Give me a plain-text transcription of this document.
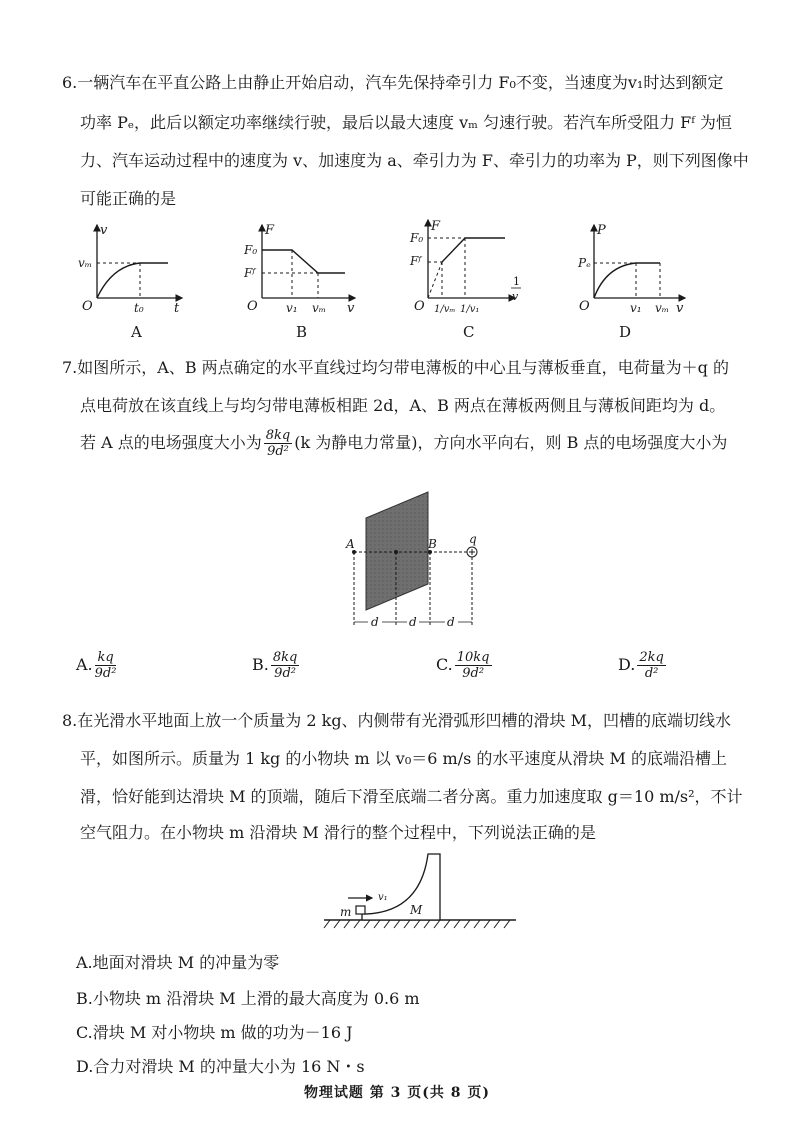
6.一辆汽车在平直公路上由静止开始启动，汽车先保持牵引力 F₀不变，当速度为v₁时达到额定
功率 Pₑ，此后以额定功率继续行驶，最后以最大速度 vₘ 匀速行驶。若汽车所受阻力 Fᶠ 为恒
力、汽车运动过程中的速度为 v、加速度为 a、牵引力为 F、牵引力的功率为 P，则下列图像中
可能正确的是
v
t
O
vₘ
t₀
A
F
v
O
F₀
Fᶠ
v₁ vₘ
B
F
1
v
O
F₀
Fᶠ
1/vₘ 1/v₁
C
P
v
O
Pₑ
v₁ vₘ
D
7.如图所示，A、B 两点确定的水平直线过均匀带电薄板的中心且与薄板垂直，电荷量为＋q 的
点电荷放在该直线上与均匀带电薄板相距 2d，A、B 两点在薄板两侧且与薄板间距均为 d。
若 A 点的电场强度大小为 $\frac{8kq}{\text{9d²}} (k$ 为静电力常量)，方向水平向右，则 B 点的电场强度大小为
A	B	q
d	d	d
A. $\frac{kq}{\text{9d²}}$	B. $\frac{8kq}{\text{9d²}}$	C. $\frac{10kq}{\text{9d²}}$	D. $\frac{2kq}{\text{d²}}$
8.在光滑水平地面上放一个质量为 2 kg、内侧带有光滑弧形凹槽的滑块 M，凹槽的底端切线水
平，如图所示。质量为 1 kg 的小物块 m 以 v₀＝6 m/s 的水平速度从滑块 M 的底端沿槽上
滑，恰好能到达滑块 M 的顶端，随后下滑至底端二者分离。重力加速度取 g＝10 m/s²，不计
空气阻力。在小物块 m 沿滑块 M 滑行的整个过程中，下列说法正确的是
v₁
m	M
A.地面对滑块 M 的冲量为零
B.小物块 m 沿滑块 M 上滑的最大高度为 0.6 m
C.滑块 M 对小物块 m 做的功为－16 J
D.合力对滑块 M 的冲量大小为 16 N・s
物理试题 第 3 页(共 8 页)
